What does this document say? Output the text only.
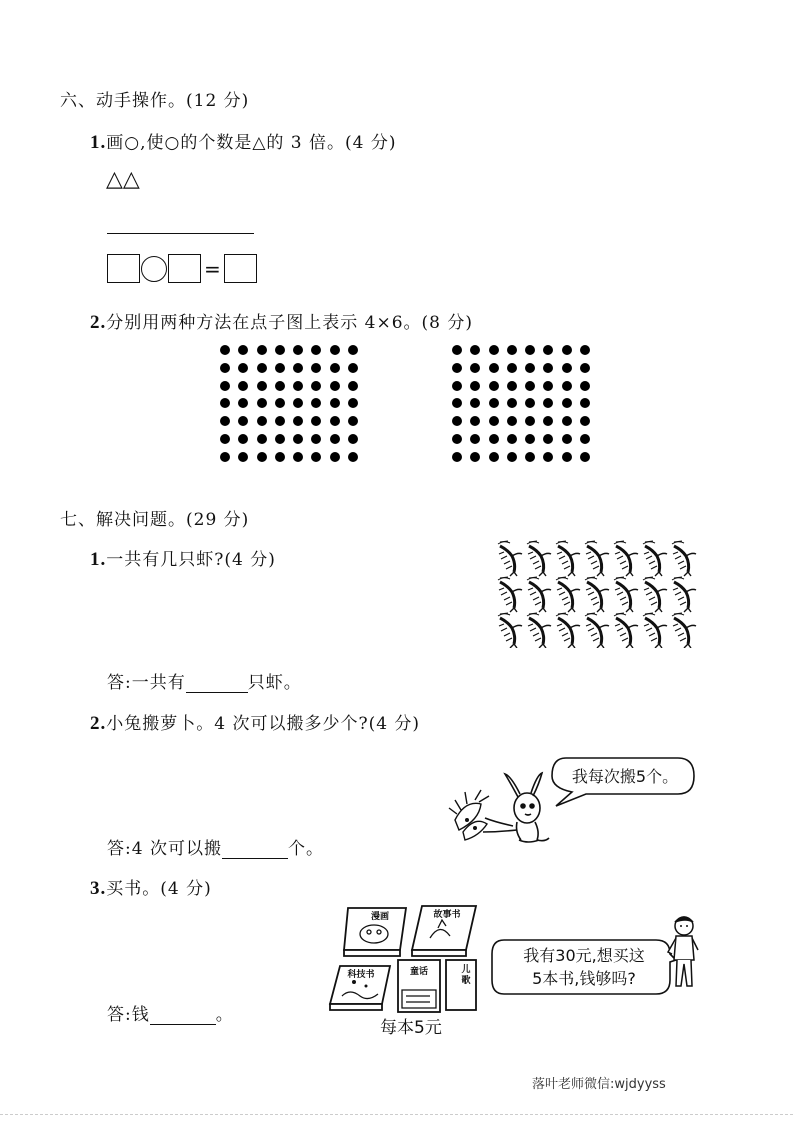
六、动手操作。(12 分)
1.画○,使○的个数是△的 3 倍。(4 分)
△△
=
2.分别用两种方法在点子图上表示 4×6。(8 分)
七、解决问题。(29 分)
1.一共有几只虾?(4 分)
答:一共有	只虾。
2.小兔搬萝卜。4 次可以搬多少个?(4 分)
我每次搬5个。
答:4 次可以搬	个。
3.买书。(4 分)
漫画	故事书
科技书	童话	儿歌
每本5元
我有30元,想买这
5本书,钱够吗?
答:钱	。
落叶老师微信:wjdyyss
